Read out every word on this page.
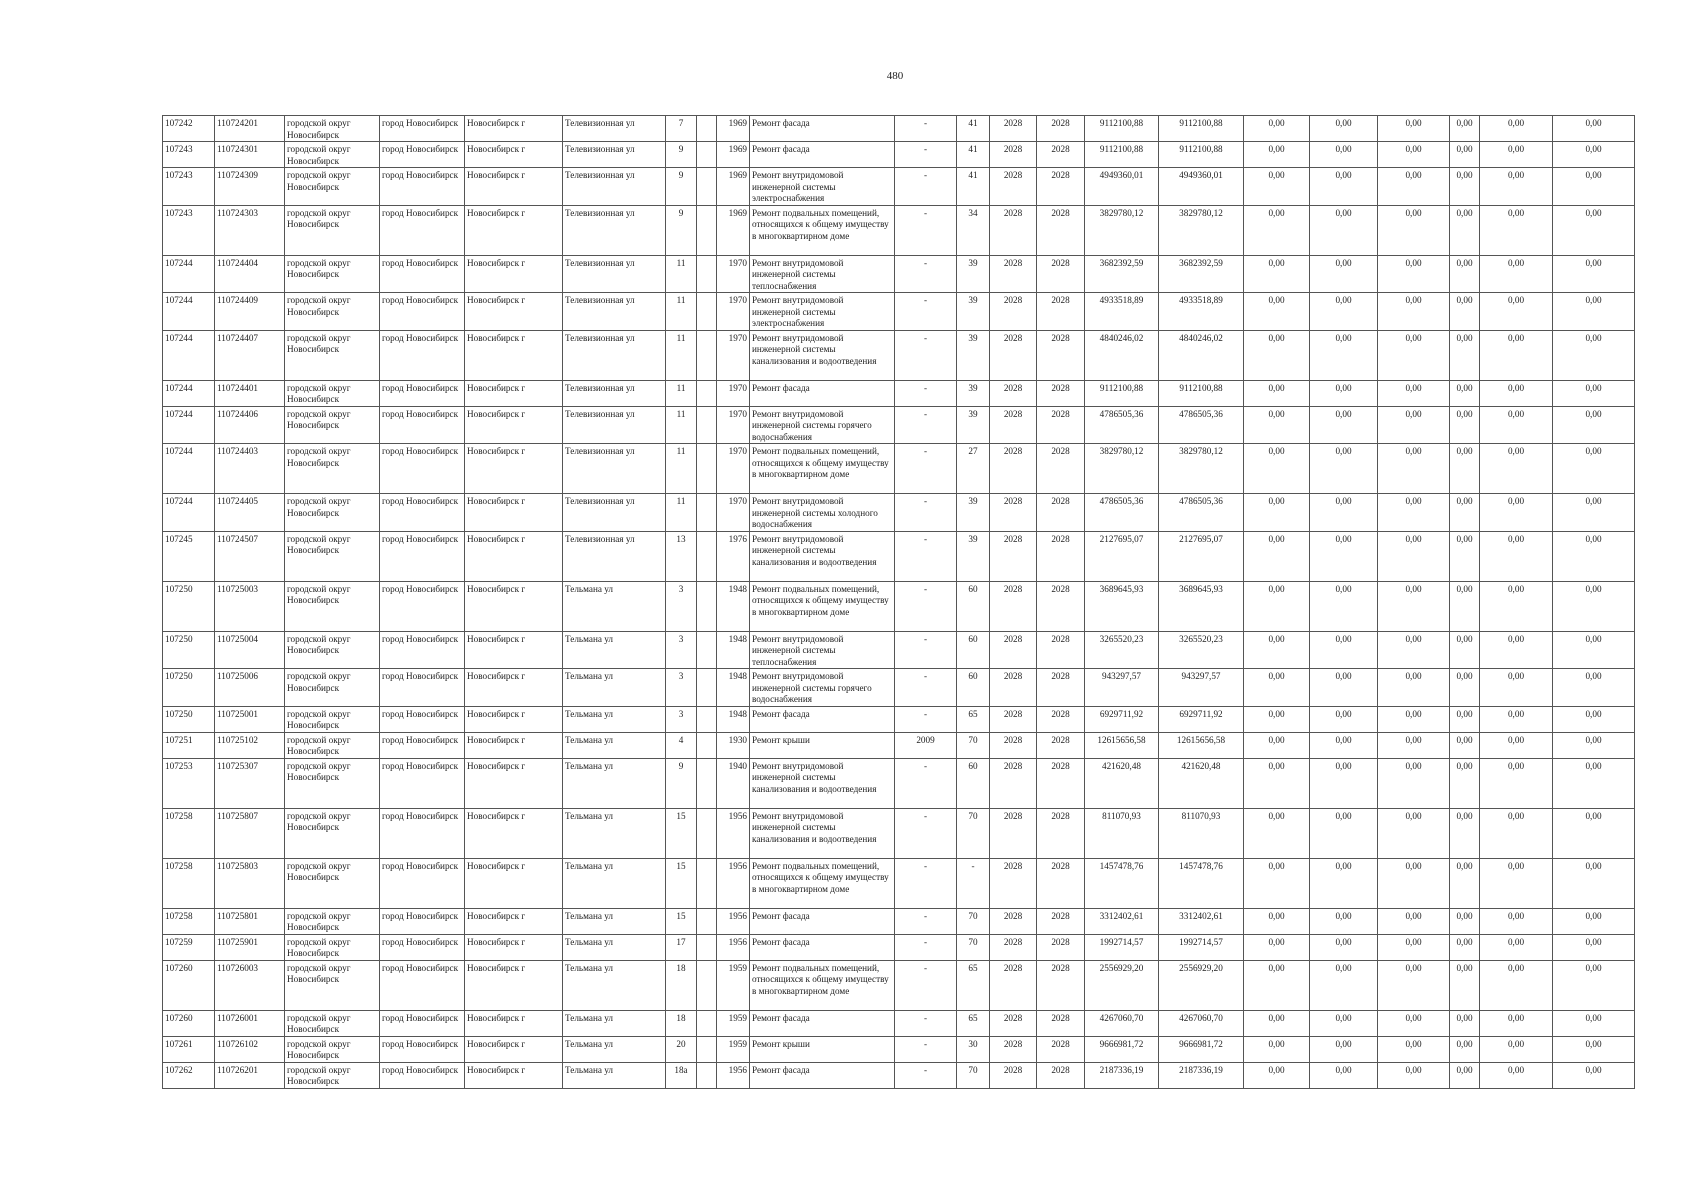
480
107242	110724201	городской округ Новосибирск	город Новосибирск	Новосибирск г	Телевизионная ул	7		1969	Ремонт фасада	-	41	2028	2028	9112100,88	9112100,88	0,00	0,00	0,00	0,00	0,00	0,00
107243	110724301	городской округ Новосибирск	город Новосибирск	Новосибирск г	Телевизионная ул	9		1969	Ремонт фасада	-	41	2028	2028	9112100,88	9112100,88	0,00	0,00	0,00	0,00	0,00	0,00
107243	110724309	городской округ Новосибирск	город Новосибирск	Новосибирск г	Телевизионная ул	9		1969	Ремонт внутридомовой инженерной системы электроснабжения	-	41	2028	2028	4949360,01	4949360,01	0,00	0,00	0,00	0,00	0,00	0,00
107243	110724303	городской округ Новосибирск	город Новосибирск	Новосибирск г	Телевизионная ул	9		1969	Ремонт подвальных помещений, относящихся к общему имуществу в многоквартирном доме	-	34	2028	2028	3829780,12	3829780,12	0,00	0,00	0,00	0,00	0,00	0,00
107244	110724404	городской округ Новосибирск	город Новосибирск	Новосибирск г	Телевизионная ул	11		1970	Ремонт внутридомовой инженерной системы теплоснабжения	-	39	2028	2028	3682392,59	3682392,59	0,00	0,00	0,00	0,00	0,00	0,00
107244	110724409	городской округ Новосибирск	город Новосибирск	Новосибирск г	Телевизионная ул	11		1970	Ремонт внутридомовой инженерной системы электроснабжения	-	39	2028	2028	4933518,89	4933518,89	0,00	0,00	0,00	0,00	0,00	0,00
107244	110724407	городской округ Новосибирск	город Новосибирск	Новосибирск г	Телевизионная ул	11		1970	Ремонт внутридомовой инженерной системы канализования и водоотведения	-	39	2028	2028	4840246,02	4840246,02	0,00	0,00	0,00	0,00	0,00	0,00
107244	110724401	городской округ Новосибирск	город Новосибирск	Новосибирск г	Телевизионная ул	11		1970	Ремонт фасада	-	39	2028	2028	9112100,88	9112100,88	0,00	0,00	0,00	0,00	0,00	0,00
107244	110724406	городской округ Новосибирск	город Новосибирск	Новосибирск г	Телевизионная ул	11		1970	Ремонт внутридомовой инженерной системы горячего водоснабжения	-	39	2028	2028	4786505,36	4786505,36	0,00	0,00	0,00	0,00	0,00	0,00
107244	110724403	городской округ Новосибирск	город Новосибирск	Новосибирск г	Телевизионная ул	11		1970	Ремонт подвальных помещений, относящихся к общему имуществу в многоквартирном доме	-	27	2028	2028	3829780,12	3829780,12	0,00	0,00	0,00	0,00	0,00	0,00
107244	110724405	городской округ Новосибирск	город Новосибирск	Новосибирск г	Телевизионная ул	11		1970	Ремонт внутридомовой инженерной системы холодного водоснабжения	-	39	2028	2028	4786505,36	4786505,36	0,00	0,00	0,00	0,00	0,00	0,00
107245	110724507	городской округ Новосибирск	город Новосибирск	Новосибирск г	Телевизионная ул	13		1976	Ремонт внутридомовой инженерной системы канализования и водоотведения	-	39	2028	2028	2127695,07	2127695,07	0,00	0,00	0,00	0,00	0,00	0,00
107250	110725003	городской округ Новосибирск	город Новосибирск	Новосибирск г	Тельмана ул	3		1948	Ремонт подвальных помещений, относящихся к общему имуществу в многоквартирном доме	-	60	2028	2028	3689645,93	3689645,93	0,00	0,00	0,00	0,00	0,00	0,00
107250	110725004	городской округ Новосибирск	город Новосибирск	Новосибирск г	Тельмана ул	3		1948	Ремонт внутридомовой инженерной системы теплоснабжения	-	60	2028	2028	3265520,23	3265520,23	0,00	0,00	0,00	0,00	0,00	0,00
107250	110725006	городской округ Новосибирск	город Новосибирск	Новосибирск г	Тельмана ул	3		1948	Ремонт внутридомовой инженерной системы горячего водоснабжения	-	60	2028	2028	943297,57	943297,57	0,00	0,00	0,00	0,00	0,00	0,00
107250	110725001	городской округ Новосибирск	город Новосибирск	Новосибирск г	Тельмана ул	3		1948	Ремонт фасада	-	65	2028	2028	6929711,92	6929711,92	0,00	0,00	0,00	0,00	0,00	0,00
107251	110725102	городской округ Новосибирск	город Новосибирск	Новосибирск г	Тельмана ул	4		1930	Ремонт крыши	2009	70	2028	2028	12615656,58	12615656,58	0,00	0,00	0,00	0,00	0,00	0,00
107253	110725307	городской округ Новосибирск	город Новосибирск	Новосибирск г	Тельмана ул	9		1940	Ремонт внутридомовой инженерной системы канализования и водоотведения	-	60	2028	2028	421620,48	421620,48	0,00	0,00	0,00	0,00	0,00	0,00
107258	110725807	городской округ Новосибирск	город Новосибирск	Новосибирск г	Тельмана ул	15		1956	Ремонт внутридомовой инженерной системы канализования и водоотведения	-	70	2028	2028	811070,93	811070,93	0,00	0,00	0,00	0,00	0,00	0,00
107258	110725803	городской округ Новосибирск	город Новосибирск	Новосибирск г	Тельмана ул	15		1956	Ремонт подвальных помещений, относящихся к общему имуществу в многоквартирном доме	-	-	2028	2028	1457478,76	1457478,76	0,00	0,00	0,00	0,00	0,00	0,00
107258	110725801	городской округ Новосибирск	город Новосибирск	Новосибирск г	Тельмана ул	15		1956	Ремонт фасада	-	70	2028	2028	3312402,61	3312402,61	0,00	0,00	0,00	0,00	0,00	0,00
107259	110725901	городской округ Новосибирск	город Новосибирск	Новосибирск г	Тельмана ул	17		1956	Ремонт фасада	-	70	2028	2028	1992714,57	1992714,57	0,00	0,00	0,00	0,00	0,00	0,00
107260	110726003	городской округ Новосибирск	город Новосибирск	Новосибирск г	Тельмана ул	18		1959	Ремонт подвальных помещений, относящихся к общему имуществу в многоквартирном доме	-	65	2028	2028	2556929,20	2556929,20	0,00	0,00	0,00	0,00	0,00	0,00
107260	110726001	городской округ Новосибирск	город Новосибирск	Новосибирск г	Тельмана ул	18		1959	Ремонт фасада	-	65	2028	2028	4267060,70	4267060,70	0,00	0,00	0,00	0,00	0,00	0,00
107261	110726102	городской округ Новосибирск	город Новосибирск	Новосибирск г	Тельмана ул	20		1959	Ремонт крыши	-	30	2028	2028	9666981,72	9666981,72	0,00	0,00	0,00	0,00	0,00	0,00
107262	110726201	городской округ Новосибирск	город Новосибирск	Новосибирск г	Тельмана ул	18а		1956	Ремонт фасада	-	70	2028	2028	2187336,19	2187336,19	0,00	0,00	0,00	0,00	0,00	0,00
